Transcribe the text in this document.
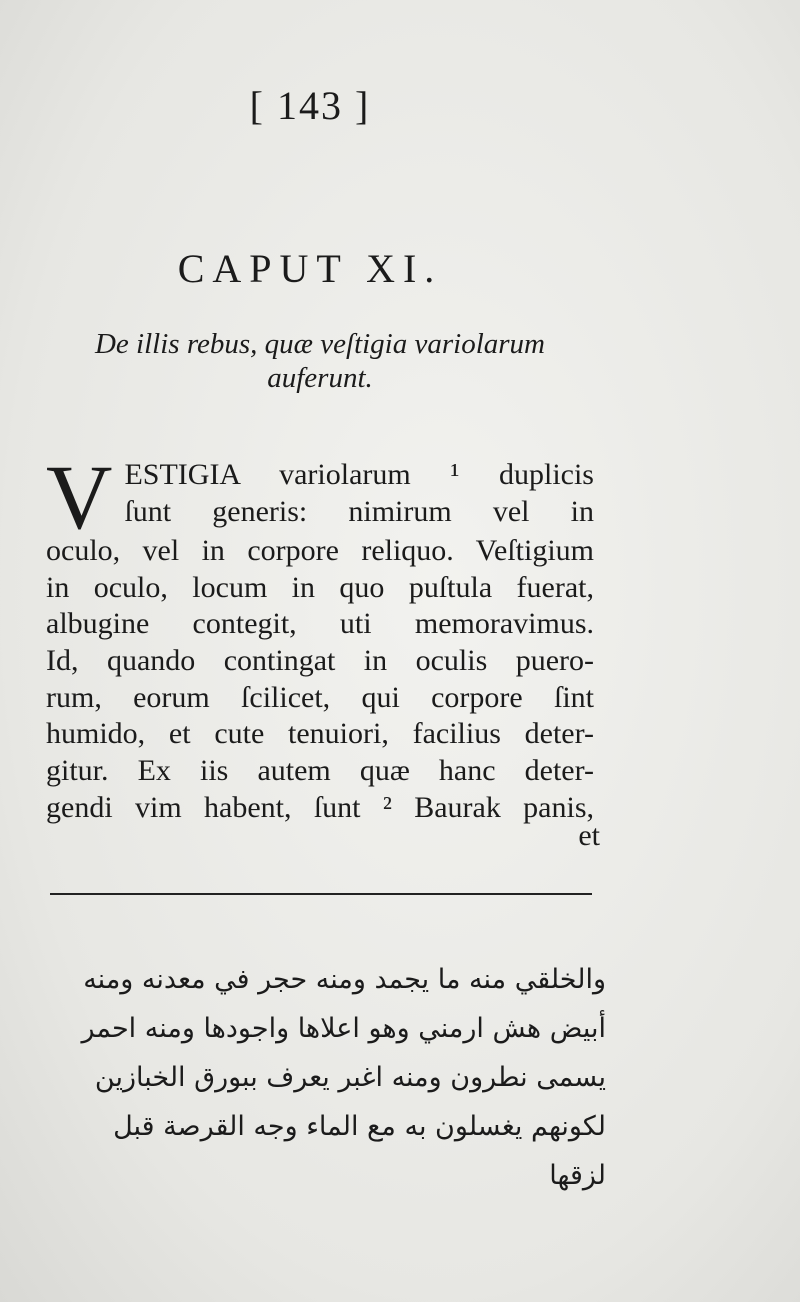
[ 143 ]
CAPUT XI.
De illis rebus, quæ veſtigia variolarum auferunt.
V ESTIGIA variolarum ¹ duplicis
ſunt generis: nimirum vel in
oculo, vel in corpore reliquo. Veſtigium
in oculo, locum in quo puſtula fuerat,
albugine contegit, uti memoravimus.
Id, quando contingat in oculis puero-
rum, eorum ſcilicet, qui corpore ſint
humido, et cute tenuiori, facilius deter-
gitur. Ex iis autem quæ hanc deter-
gendi vim habent, ſunt ² Baurak panis,
et
والخلقي منه ما يجمد ومنه حجر في معدنه ومنه
أبيض هش ارمني وهو اعلاها واجودها ومنه احمر
يسمى نطرون ومنه اغبر يعرف ببورق الخبازين
لكونهم يغسلون به مع الماء وجه القرصة قبل
لزقها
